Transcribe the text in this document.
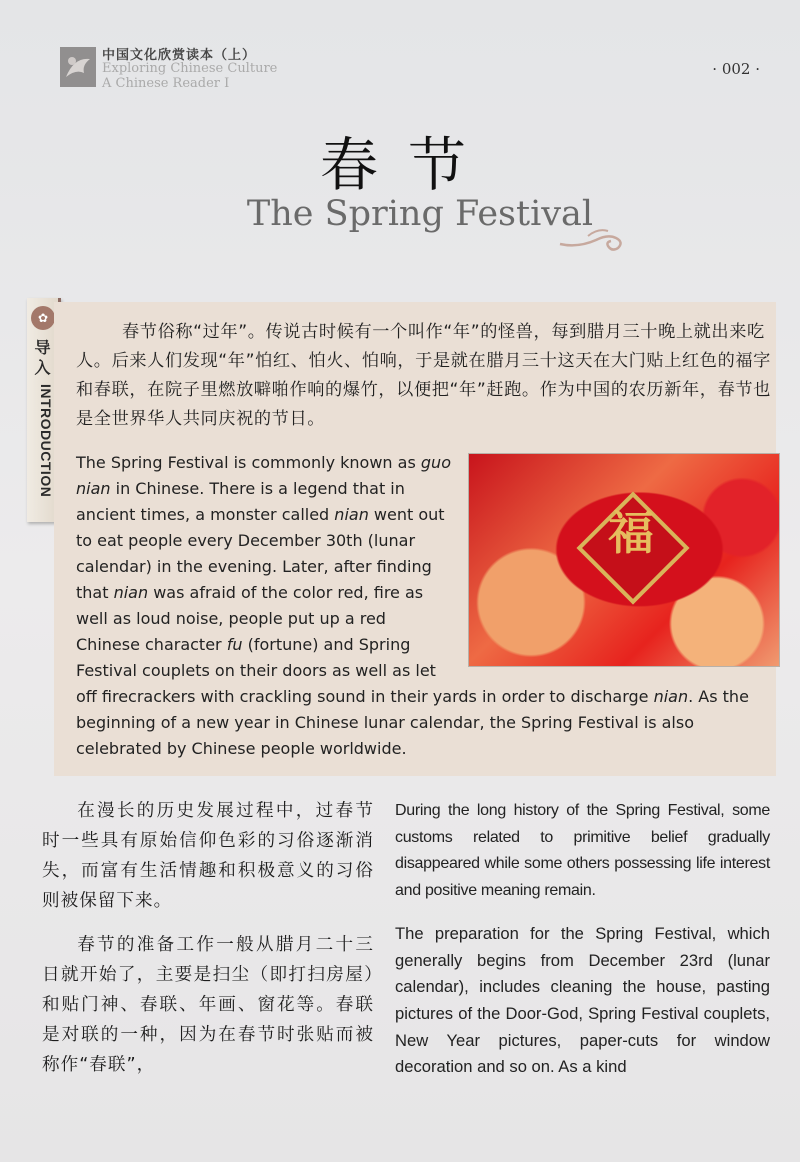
中国文化欣赏读本（上）
Exploring Chinese Culture
A Chinese Reader I
· 002 ·
春节
The Spring Festival
✿
导入
INTRODUCTION
春节俗称“过年”。传说古时候有一个叫作“年”的怪兽，每到腊月三十晚上就出来吃人。后来人们发现“年”怕红、怕火、怕响，于是就在腊月三十这天在大门贴上红色的福字和春联，在院子里燃放噼啪作响的爆竹，以便把“年”赶跑。作为中国的农历新年，春节也是全世界华人共同庆祝的节日。
福
The Spring Festival is commonly known as guo nian in Chinese. There is a legend that in ancient times, a monster called nian went out to eat people every December 30th (lunar calendar) in the evening. Later, after finding that nian was afraid of the color red, fire as well as loud noise, people put up a red Chinese character fu (fortune) and Spring Festival couplets on their doors as well as let off firecrackers with crackling sound in their yards in order to discharge nian. As the beginning of a new year in Chinese lunar calendar, the Spring Festival is also celebrated by Chinese people worldwide.

在漫长的历史发展过程中，过春节时一些具有原始信仰色彩的习俗逐渐消失，而富有生活情趣和积极意义的习俗则被保留下来。

春节的准备工作一般从腊月二十三日就开始了，主要是扫尘（即打扫房屋）和贴门神、春联、年画、窗花等。春联是对联的一种，因为在春节时张贴而被称作“春联”，

During the long history of the Spring Festival, some customs related to primitive belief gradually disappeared while some others possessing life interest and positive meaning remain.

The preparation for the Spring Festival, which generally begins from December 23rd (lunar calendar), includes cleaning the house, pasting pictures of the Door-God, Spring Festival couplets, New Year pictures, paper-cuts for window decoration and so on. As a kind
